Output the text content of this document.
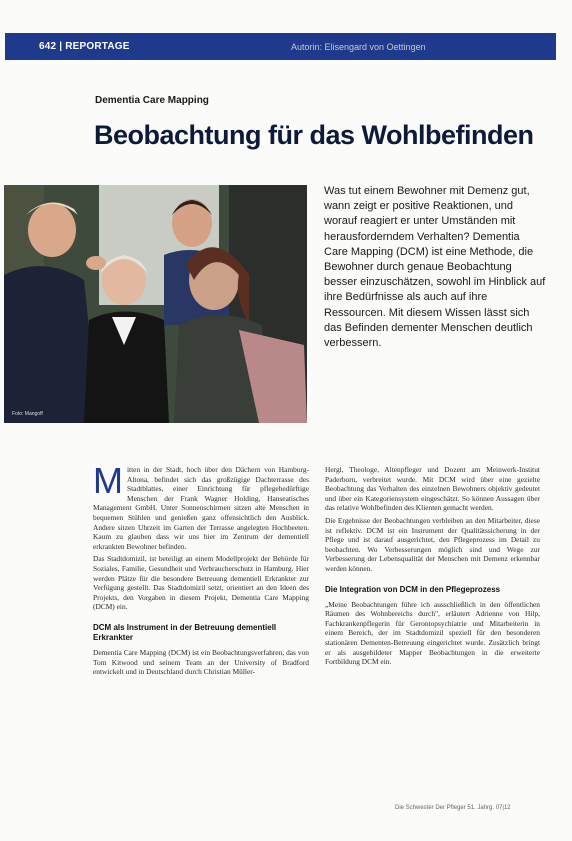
642 | REPORTAGE	Autorin: Elisengard von Oettingen
Dementia Care Mapping
Beobachtung für das Wohlbefinden
Foto: Mangoff
Was tut einem Bewohner mit Demenz gut, wann zeigt er positive Reaktionen, und worauf reagiert er unter Umständen mit herausforderndem Verhalten? Dementia Care Mapping (DCM) ist eine Methode, die Bewohner durch genaue Beobachtung besser einzuschätzen, sowohl im Hinblick auf ihre Bedürfnisse als auch auf ihre Ressourcen. Mit diesem Wissen lässt sich das Befinden dementer Menschen deutlich verbessern.

Mitten in der Stadt, hoch über den Dächern von Hamburg-Altona, befindet sich das großzügige Dachterrasse des Stadtblattes, einer Einrichtung für pflegebedürftige Menschen der Frank Wagner Holding, Hanseatisches Management GmbH. Unter Sonnenschirmen sitzen alte Menschen in bequemen Stühlen und genießen ganz offensichtlich den Ausblick. Andere sitzen Uhrzeit im Garten der Terrasse angelegten Hochbeeten. Kaum zu glauben dass wir uns hier im Zentrum der dementiell erkrankten Bewohner befinden.

Das Stadtdomizil, ist beteiligt an einem Modellprojekt der Behörde für Soziales, Familie, Gesundheit und Verbraucherschutz in Hamburg. Hier werden Plätze für die besondere Betreuung dementiell Erkrankter zur Verfügung gestellt. Das Stadtdomizil setzt, orientiert an den Ideen des Projekts, den Vorgaben in diesem Projekt, Dementia Care Mapping (DCM) ein.

DCM als Instrument in der Betreuung dementiell Erkrankter

Dementia Care Mapping (DCM) ist ein Beobachtungsverfahren, das von Tom Kitwood und seinem Team an der University of Bradford entwickelt und in Deutschland durch Christian Müller-

Hergl, Theologe, Altenpfleger und Dozent am Meinwerk-Institut Paderborn, verbreitet wurde. Mit DCM wird über eine gezielte Beobachtung das Verhalten des einzelnen Bewohners objektiv gedeutet und über ein Kategoriensystem eingeschätzt. So können Aussagen über das relative Wohlbefinden des Klienten gemacht werden.

Die Ergebnisse der Beobachtungen verbleiben an den Mitarbeiter, diese ist reflektiv. DCM ist ein Instrument der Qualitätssicherung in der Pflege und ist darauf ausgerichtet, den Pflegeprozess im Detail zu beobachten. Wo Verbesserungen möglich sind und Wege zur Verbesserung der Lebensqualität der Menschen mit Demenz erkennbar werden können.

Die Integration von DCM in den Pflegeprozess

„Meine Beobachtungen führe ich ausschließlich in den öffentlichen Räumen des Wohnbereichs durch", erläutert Adrienne von Hilp, Fachkrankenpflegerin für Gerontopsychiatrie und Mitarbeiterin in einem Bereich, der im Stadtdomizil speziell für den besonderen stationären Dementen-Betreuung eingerichtet wurde. Zusätzlich bringt er als ausgebildeter Mapper Beobachtungen in die erweiterte Fortbildung DCM ein.

Die Schwester Der Pfleger 51. Jahrg. 07|12
